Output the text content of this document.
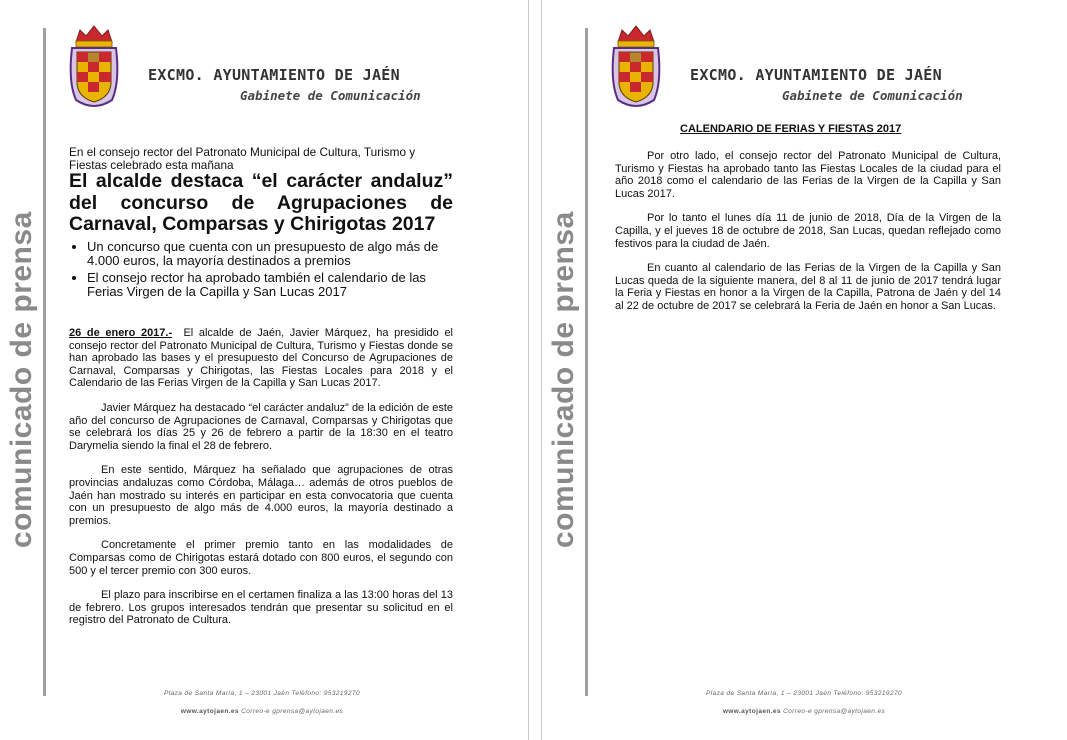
comunicado de prensa
EXCMO. AYUNTAMIENTO DE JAÉN
Gabinete de Comunicación

En el consejo rector del Patronato Municipal de Cultura, Turismo y Fiestas celebrado esta mañana

El alcalde destaca “el carácter andaluz” del concurso de Agrupaciones de Carnaval, Comparsas y Chirigotas 2017

• Un concurso que cuenta con un presupuesto de algo más de 4.000 euros, la mayoría destinados a premios
• El consejo rector ha aprobado también el calendario de las Ferias Virgen de la Capilla y San Lucas 2017

26 de enero 2017.- El alcalde de Jaén, Javier Márquez, ha presidido el consejo rector del Patronato Municipal de Cultura, Turismo y Fiestas donde se han aprobado las bases y el presupuesto del Concurso de Agrupaciones de Carnaval, Comparsas y Chirigotas, las Fiestas Locales para 2018 y el Calendario de las Ferias Virgen de la Capilla y San Lucas 2017.

Javier Márquez ha destacado “el carácter andaluz” de la edición de este año del concurso de Agrupaciones de Carnaval, Comparsas y Chirigotas que se celebrará los días 25 y 26 de febrero a partir de la 18:30 en el teatro Darymelia siendo la final el 28 de febrero.

En este sentido, Márquez ha señalado que agrupaciones de otras provincias andaluzas como Córdoba, Málaga… además de otros pueblos de Jaén han mostrado su interés en participar en esta convocatoria que cuenta con un presupuesto de algo más de 4.000 euros, la mayoría destinado a premios.

Concretamente el primer premio tanto en las modalidades de Comparsas como de Chirigotas estará dotado con 800 euros, el segundo con 500 y el tercer premio con 300 euros.

El plazo para inscribirse en el certamen finaliza a las 13:00 horas del 13 de febrero. Los grupos interesados tendrán que presentar su solicitud en el registro del Patronato de Cultura.

Plaza de Santa María, 1 – 23001 Jaén Teléfono: 953219270
www.aytojaen.es Correo-e gprensa@aytojaen.es
comunicado de prensa
EXCMO. AYUNTAMIENTO DE JAÉN
Gabinete de Comunicación
CALENDARIO DE FERIAS Y FIESTAS 2017

Por otro lado, el consejo rector del Patronato Municipal de Cultura, Turismo y Fiestas ha aprobado tanto las Fiestas Locales de la ciudad para el año 2018 como el calendario de las Ferias de la Virgen de la Capilla y San Lucas 2017.

Por lo tanto el lunes día 11 de junio de 2018, Día de la Virgen de la Capilla, y el jueves 18 de octubre de 2018, San Lucas, quedan reflejado como festivos para la ciudad de Jaén.

En cuanto al calendario de las Ferias de la Virgen de la Capilla y San Lucas queda de la siguiente manera, del 8 al 11 de junio de 2017 tendrá lugar la Feria y Fiestas en honor a la Virgen de la Capilla, Patrona de Jaén y del 14 al 22 de octubre de 2017 se celebrará la Feria de Jaén en honor a San Lucas.

Plaza de Santa María, 1 – 23001 Jaén Teléfono: 953219270
www.aytojaen.es Correo-e gprensa@aytojaen.es
